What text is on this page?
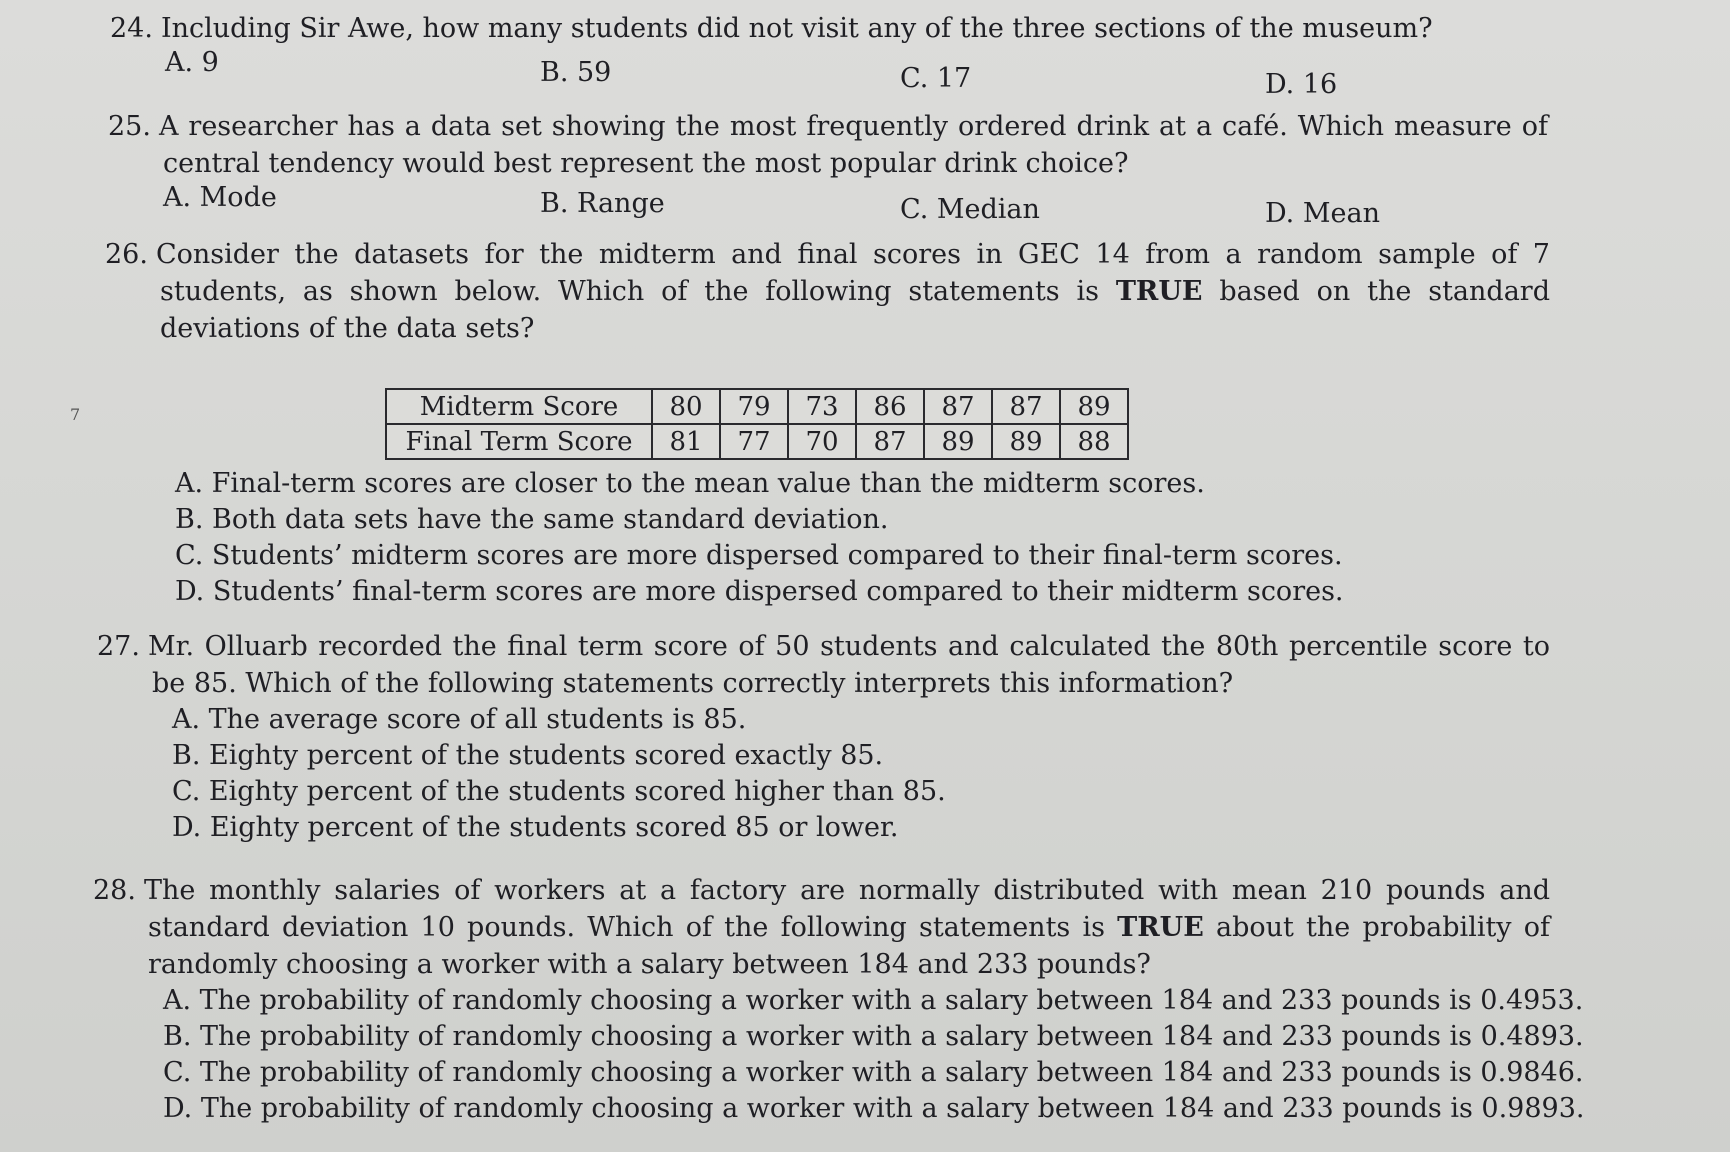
24. Including Sir Awe, how many students did not visit any of the three sections of the museum?
A. 9	B. 59	C. 17	D. 16
25. A researcher has a data set showing the most frequently ordered drink at a café. Which measure of central tendency would best represent the most popular drink choice?
A. Mode	B. Range	C. Median	D. Mean
26. Consider the datasets for the midterm and final scores in GEC 14 from a random sample of 7 students, as shown below. Which of the following statements is TRUE based on the standard deviations of the data sets?
7	Midterm Score	80	79	73	86	87	87	89
Final Term Score	81	77	70	87	89	89	88
A. Final-term scores are closer to the mean value than the midterm scores.
B. Both data sets have the same standard deviation.
C. Students’ midterm scores are more dispersed compared to their final-term scores.
D. Students’ final-term scores are more dispersed compared to their midterm scores.
27. Mr. Olluarb recorded the final term score of 50 students and calculated the 80th percentile score to be 85. Which of the following statements correctly interprets this information?
A. The average score of all students is 85.
B. Eighty percent of the students scored exactly 85.
C. Eighty percent of the students scored higher than 85.
D. Eighty percent of the students scored 85 or lower.
28. The monthly salaries of workers at a factory are normally distributed with mean 210 pounds and standard deviation 10 pounds. Which of the following statements is TRUE about the probability of randomly choosing a worker with a salary between 184 and 233 pounds?
A. The probability of randomly choosing a worker with a salary between 184 and 233 pounds is 0.4953.
B. The probability of randomly choosing a worker with a salary between 184 and 233 pounds is 0.4893.
C. The probability of randomly choosing a worker with a salary between 184 and 233 pounds is 0.9846.
D. The probability of randomly choosing a worker with a salary between 184 and 233 pounds is 0.9893.
